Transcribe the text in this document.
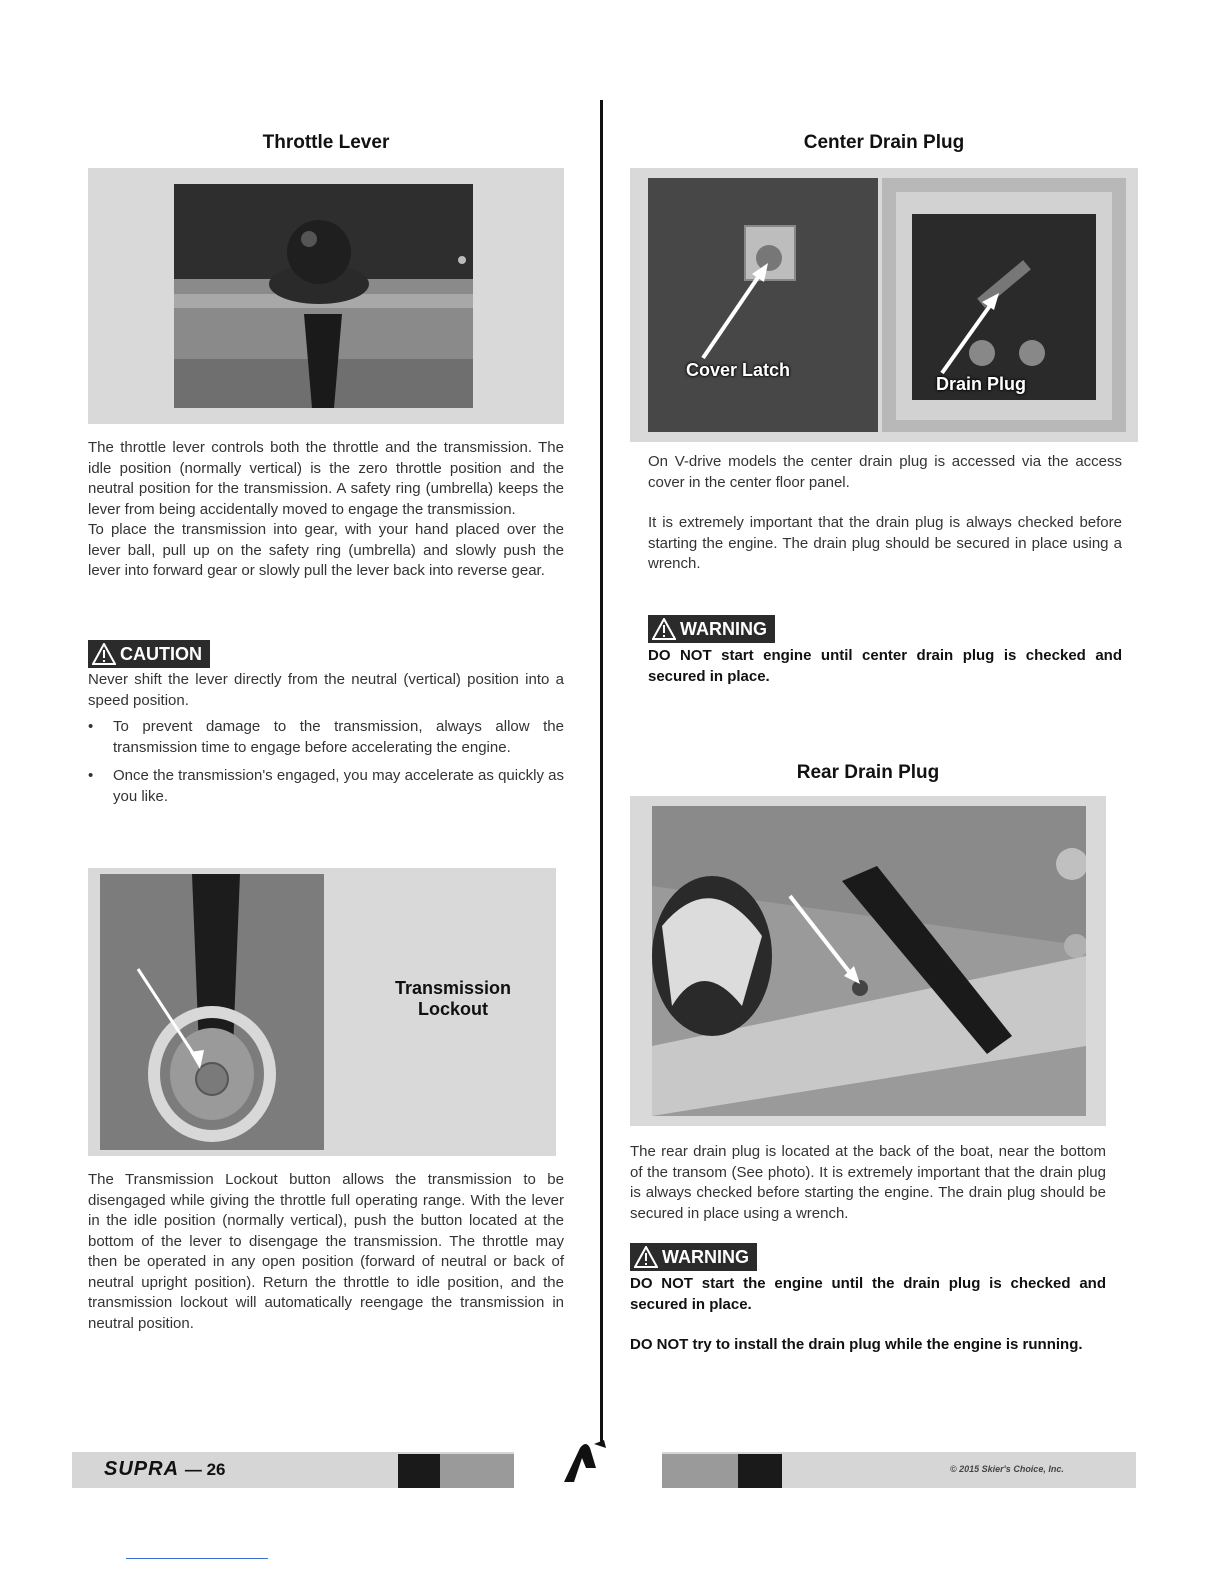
Throttle Lever

The throttle lever controls both the throttle and the transmission. The idle position (normally vertical) is the zero throttle position and the neutral position for the transmission. A safety ring (umbrella) keeps the lever from being accidentally moved to engage the transmission.

To place the transmission into gear, with your hand placed over the lever ball, pull up on the safety ring (umbrella) and slowly push the lever into forward gear or slowly pull the lever back into reverse gear.

CAUTION

Never shift the lever directly from the neutral (vertical) position into a speed position.

• To prevent damage to the transmission, always allow the transmission time to engage before accelerating the engine.
• Once the transmission's engaged, you may accelerate as quickly as you like.
Transmission Lockout
The Transmission Lockout button allows the transmission to be disengaged while giving the throttle full operating range. With the lever in the idle position (normally vertical), push the button located at the bottom of the lever to disengage the transmission. The throttle may then be operated in any open position (forward of neutral or back of neutral upright position). Return the throttle to idle position, and the transmission lockout will automatically reengage the transmission in neutral position.
Center Drain Plug
Cover Latch
Drain Plug

On V-drive models the center drain plug is accessed via the access cover in the center floor panel.

It is extremely important that the drain plug is always checked before starting the engine. The drain plug should be secured in place using a wrench.

WARNING
DO NOT start engine until center drain plug is checked and secured in place.
Rear Drain Plug
The rear drain plug is located at the back of the boat, near the bottom of the transom (See photo). It is extremely important that the drain plug is always checked before starting the engine. The drain plug should be secured in place using a wrench.
WARNING

DO NOT start the engine until the drain plug is checked and secured in place.

DO NOT try to install the drain plug while the engine is running.

SUPRA — 26	© 2015 Skier's Choice, Inc.
